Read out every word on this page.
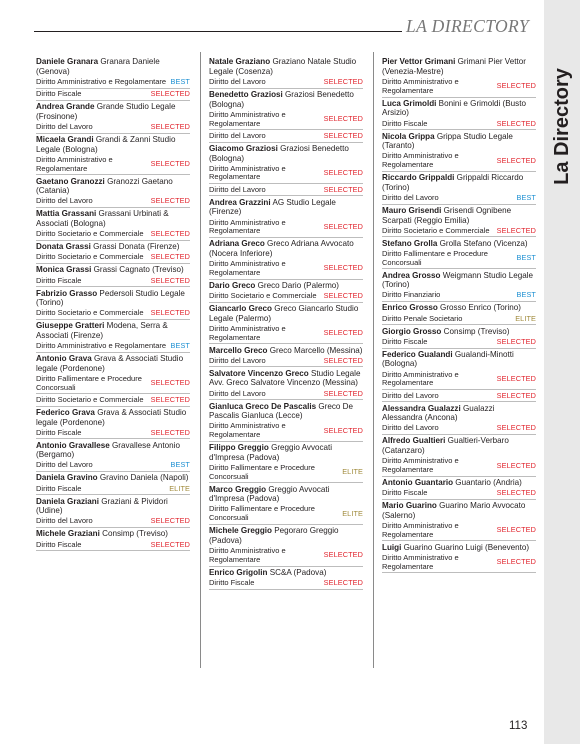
LA DIRECTORY
La Directory
Daniele Granara Granara Daniele (Genova)
Diritto Amministrativo e Regolamentare BEST
Diritto Fiscale	SELECTED
Andrea Grande Grande Studio Legale (Frosinone)
Diritto del Lavoro	SELECTED
Micaela Grandi Grandi & Zanni Studio Legale (Bologna)
Diritto Amministrativo e Regolamentare	SELECTED
Gaetano Granozzi Granozzi Gaetano (Catania)
Diritto del Lavoro	SELECTED
Mattia Grassani Grassani Urbinati & Associati (Bologna)
Diritto Societario e Commerciale SELECTED
Donata Grassi Grassi Donata (Firenze)
Diritto Societario e Commerciale SELECTED
Monica Grassi Grassi Cagnato (Treviso)
Diritto Fiscale	SELECTED
Fabrizio Grasso Pedersoli Studio Legale (Torino)
Diritto Societario e Commerciale SELECTED
Giuseppe Gratteri Modena, Serra & Associati (Firenze)
Diritto Amministrativo e Regolamentare BEST
Antonio Grava Grava & Associati Studio legale (Pordenone)
Diritto Fallimentare e Procedure Concorsuali	SELECTED
Diritto Societario e Commerciale SELECTED
Federico Grava Grava & Associati Studio legale (Pordenone)
Diritto Fiscale	SELECTED
Antonio Gravallese Gravallese Antonio (Bergamo)
Diritto del Lavoro	BEST
Daniela Gravino Gravino Daniela (Napoli)
Diritto Fiscale	ELITE
Daniela Graziani Graziani & Pividori (Udine)
Diritto del Lavoro	SELECTED
Michele Graziani Consimp (Treviso)
Diritto Fiscale	SELECTED
Natale Graziano Graziano Natale Studio Legale (Cosenza)
Diritto del Lavoro	SELECTED
Benedetto Graziosi Graziosi Benedetto (Bologna)
Diritto Amministrativo e Regolamentare	SELECTED
Diritto del Lavoro	SELECTED
Giacomo Graziosi Graziosi Benedetto (Bologna)
Diritto Amministrativo e Regolamentare	SELECTED
Diritto del Lavoro	SELECTED
Andrea Grazzini AG Studio Legale (Firenze)
Diritto Amministrativo e Regolamentare	SELECTED
Adriana Greco Greco Adriana Avvocato (Nocera Inferiore)
Diritto Amministrativo e Regolamentare	SELECTED
Dario Greco Greco Dario (Palermo)
Diritto Societario e Commerciale SELECTED
Giancarlo Greco Greco Giancarlo Studio Legale (Palermo)
Diritto Amministrativo e Regolamentare	SELECTED
Marcello Greco Greco Marcello (Messina)
Diritto del Lavoro	SELECTED
Salvatore Vincenzo Greco Studio Legale Avv. Greco Salvatore Vincenzo (Messina)
Diritto del Lavoro	SELECTED
Gianluca Greco De Pascalis Greco De Pascalis Gianluca (Lecce)
Diritto Amministrativo e Regolamentare	SELECTED
Filippo Greggio Greggio Avvocati d'Impresa (Padova)
Diritto Fallimentare e Procedure Concorsuali	ELITE
Marco Greggio Greggio Avvocati d'Impresa (Padova)
Diritto Fallimentare e Procedure Concorsuali	ELITE
Michele Greggio Pegoraro Greggio (Padova)
Diritto Amministrativo e Regolamentare	SELECTED
Enrico Grigolin SC&A (Padova)
Diritto Fiscale	SELECTED
Pier Vettor Grimani Grimani Pier Vettor (Venezia-Mestre)
Diritto Amministrativo e Regolamentare	SELECTED
Luca Grimoldi Bonini e Grimoldi (Busto Arsizio)
Diritto Fiscale	SELECTED
Nicola Grippa Grippa Studio Legale (Taranto)
Diritto Amministrativo e Regolamentare	SELECTED
Riccardo Grippaldi Grippaldi Riccardo (Torino)
Diritto del Lavoro	BEST
Mauro Grisendi Grisendi Ognibene Scarpati (Reggio Emilia)
Diritto Societario e Commerciale SELECTED
Stefano Grolla Grolla Stefano (Vicenza)
Diritto Fallimentare e Procedure Concorsuali	BEST
Andrea Grosso Weigmann Studio Legale (Torino)
Diritto Finanziario	BEST
Enrico Grosso Grosso Enrico (Torino)
Diritto Penale Societario	ELITE
Giorgio Grosso Consimp (Treviso)
Diritto Fiscale	SELECTED
Federico Gualandi Gualandi-Minotti (Bologna)
Diritto Amministrativo e Regolamentare	SELECTED
Diritto del Lavoro	SELECTED
Alessandra Gualazzi Gualazzi Alessandra (Ancona)
Diritto del Lavoro	SELECTED
Alfredo Gualtieri Gualtieri-Verbaro (Catanzaro)
Diritto Amministrativo e Regolamentare	SELECTED
Antonio Guantario Guantario (Andria)
Diritto Fiscale	SELECTED
Mario Guarino Guarino Mario Avvocato (Salerno)
Diritto Amministrativo e Regolamentare	SELECTED
Luigi Guarino Guarino Luigi (Benevento)
Diritto Amministrativo e Regolamentare	SELECTED
113
